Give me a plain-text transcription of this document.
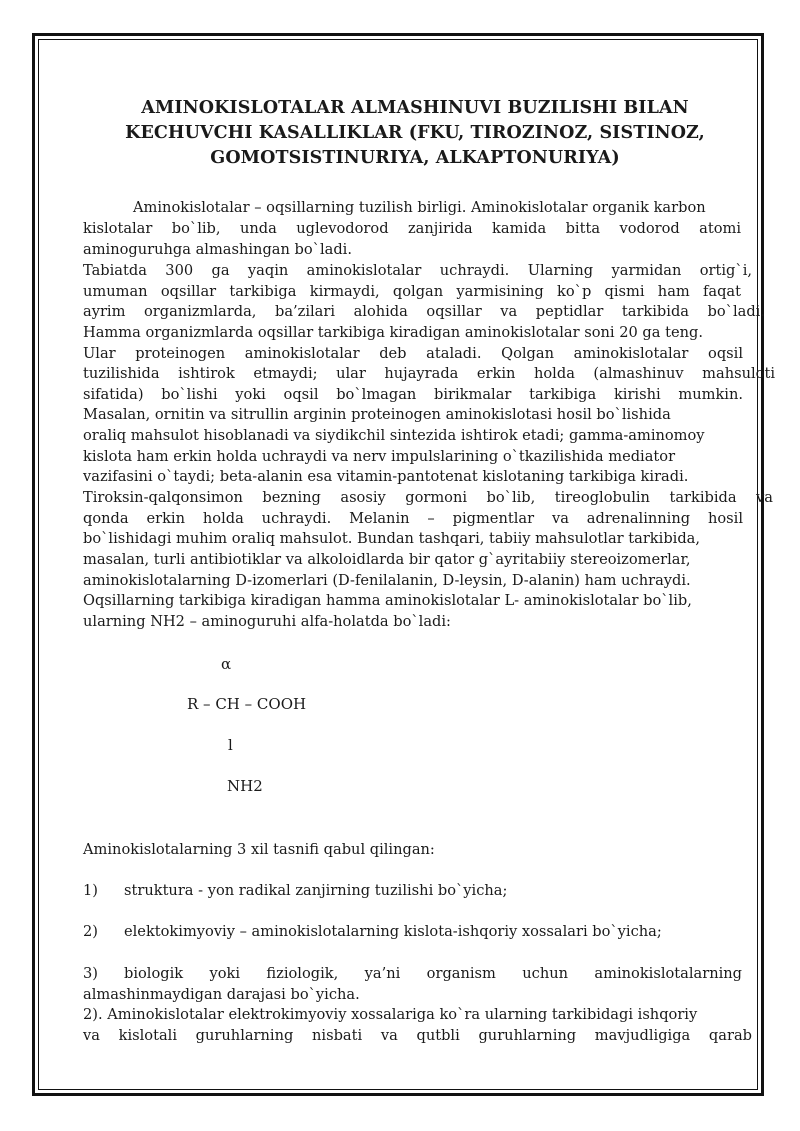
AMINOKISLOTALAR ALMASHINUVI BUZILISHI BILAN
KECHUVCHI KASALLIKLAR (FKU, TIROZINOZ, SISTINOZ,
GOMOTSISTINURIYA, ALKAPTONURIYA)
Aminokislotalar – oqsillarning tuzilish birligi. Aminokislotalar organik karbon
kislotalar bo`lib, unda uglevodorod zanjirida kamida bitta vodorod atomi
aminoguruhga almashingan bo`ladi.
Tabiatda 300 ga yaqin aminokislotalar uchraydi. Ularning yarmidan ortig`i,
umuman oqsillar tarkibiga kirmaydi, qolgan yarmisining ko`p qismi ham faqat
ayrim organizmlarda, ba’zilari alohida oqsillar va peptidlar tarkibida bo`ladi.
Hamma organizmlarda oqsillar tarkibiga kiradigan aminokislotalar soni 20 ga teng.
Ular proteinogen aminokislotalar deb ataladi. Qolgan aminokislotalar oqsil
tuzilishida ishtirok etmaydi; ular hujayrada erkin holda (almashinuv mahsuloti
sifatida) bo`lishi yoki oqsil bo`lmagan birikmalar tarkibiga kirishi mumkin.
Masalan, ornitin va sitrullin arginin proteinogen aminokislotasi hosil bo`lishida
oraliq mahsulot hisoblanadi va siydikchil sintezida ishtirok etadi; gamma-aminomoy
kislota ham erkin holda uchraydi va nerv impulslarining o`tkazilishida mediator
vazifasini o`taydi; beta-alanin esa vitamin-pantotenat kislotaning tarkibiga kiradi.
Tiroksin-qalqonsimon bezning asosiy gormoni bo`lib, tireoglobulin tarkibida va
qonda erkin holda uchraydi. Melanin – pigmentlar va adrenalinning hosil
bo`lishidagi muhim oraliq mahsulot. Bundan tashqari, tabiiy mahsulotlar tarkibida,
masalan, turli antibiotiklar va alkoloidlarda bir qator g`ayritabiiy stereoizomerlar,
aminokislotalarning D-izomerlari (D-fenilalanin, D-leysin, D-alanin) ham uchraydi.
Oqsillarning tarkibiga kiradigan hamma aminokislotalar L- aminokislotalar bo`lib,
ularning NH2 – aminoguruhi alfa-holatda bo`ladi:
α
R – CH – COOH
l
NH2
Aminokislotalarning 3 xil tasnifi qabul qilingan:
1) struktura - yon radikal zanjirning tuzilishi bo`yicha;
2) elektokimyoviy – aminokislotalarning kislota-ishqoriy xossalari bo`yicha;
3) biologik yoki fiziologik, ya’ni organism uchun aminokislotalarning
almashinmaydigan darajasi bo`yicha.
2). Aminokislotalar elektrokimyoviy xossalariga ko`ra ularning tarkibidagi ishqoriy
va kislotali guruhlarning nisbati va qutbli guruhlarning mavjudligiga qarab
